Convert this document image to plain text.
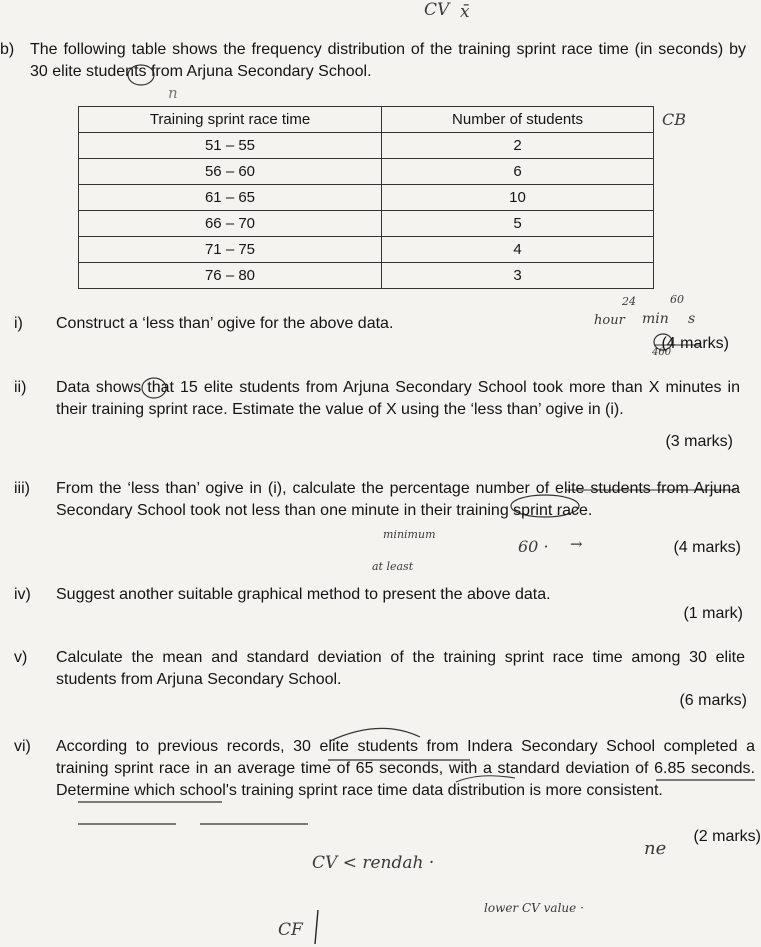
CV x̄
n
CB
24	60
hour min s
460
minimum
at least
60 · →
ne
CV < rendah ·
lower CV value ·
CF
b) The following table shows the frequency distribution of the training sprint race time (in seconds) by 30 elite students from Arjuna Secondary School.
Training sprint race time	Number of students
51 – 55	2
56 – 60	6
61 – 65	10
66 – 70	5
71 – 75	4
76 – 80	3
i) Construct a ‘less than’ ogive for the above data.
(4 marks)
ii) Data shows that 15 elite students from Arjuna Secondary School took more than X minutes in their training sprint race. Estimate the value of X using the ‘less than’ ogive in (i).
(3 marks)
iii) From the ‘less than’ ogive in (i), calculate the percentage number of elite students from Arjuna Secondary School took not less than one minute in their training sprint race.
(4 marks)
iv) Suggest another suitable graphical method to present the above data.
(1 mark)
v) Calculate the mean and standard deviation of the training sprint race time among 30 elite students from Arjuna Secondary School.
(6 marks)
vi) According to previous records, 30 elite students from Indera Secondary School completed a training sprint race in an average time of 65 seconds, with a standard deviation of 6.85 seconds. Determine which school's training sprint race time data distribution is more consistent.
(2 marks)
